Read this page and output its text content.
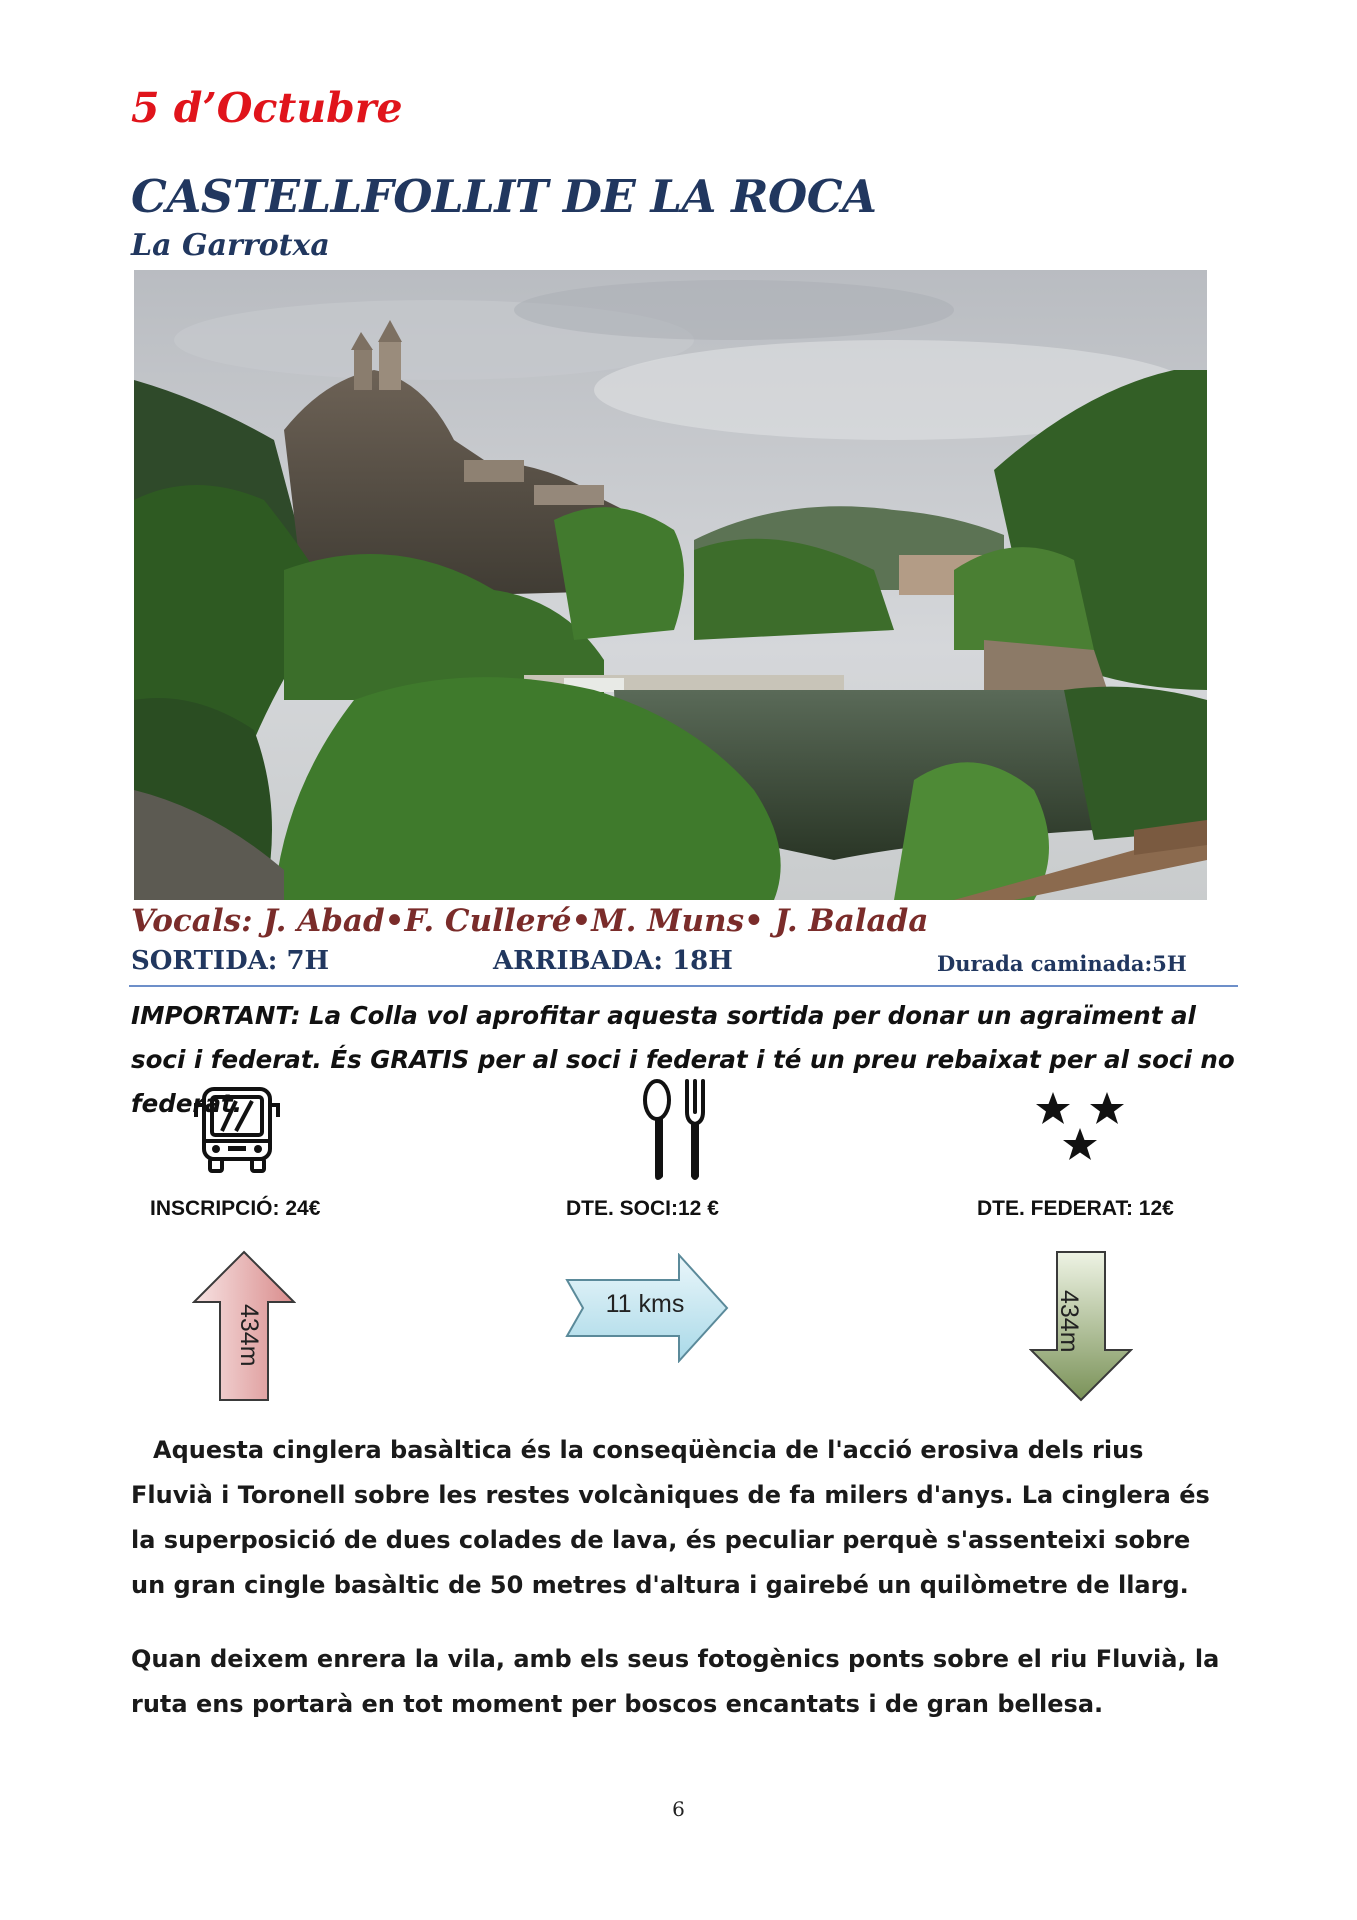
5 d’Octubre
CASTELLFOLLIT DE LA ROCA
La Garrotxa
Vocals: J. Abad•F. Culleré•M. Muns• J. Balada
SORTIDA: 7H	ARRIBADA: 18H	Durada caminada:5H
IMPORTANT: La Colla vol aprofitar aquesta sortida per donar un agraïment al soci i federat. És GRATIS per al soci i federat i té un preu rebaixat per al soci no federat.
INSCRIPCIÓ: 24€	DTE. SOCI:12 €	DTE. FEDERAT: 12€
434m	11 kms	434m

Aquesta cinglera basàltica és la conseqüència de l'acció erosiva dels rius Fluvià i Toronell sobre les restes volcàniques de fa milers d'anys. La cinglera és la superposició de dues colades de lava, és peculiar perquè s'assenteixi sobre un gran cingle basàltic de 50 metres d'altura i gairebé un quilòmetre de llarg.

Quan deixem enrera la vila, amb els seus fotogènics ponts sobre el riu Fluvià, la ruta ens portarà en tot moment per boscos encantats i de gran bellesa.

6
